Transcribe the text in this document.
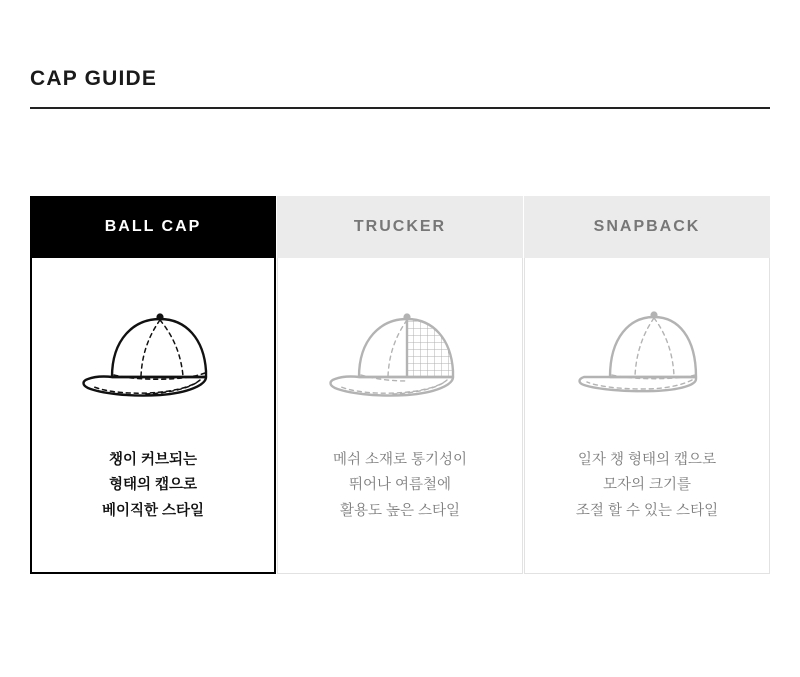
CAP GUIDE
BALL CAP
챙이 커브되는
형태의 캡으로
베이직한 스타일
TRUCKER
메쉬 소재로 통기성이
뛰어나 여름철에
활용도 높은 스타일
SNAPBACK
일자 챙 형태의 캡으로
모자의 크기를
조절 할 수 있는 스타일
